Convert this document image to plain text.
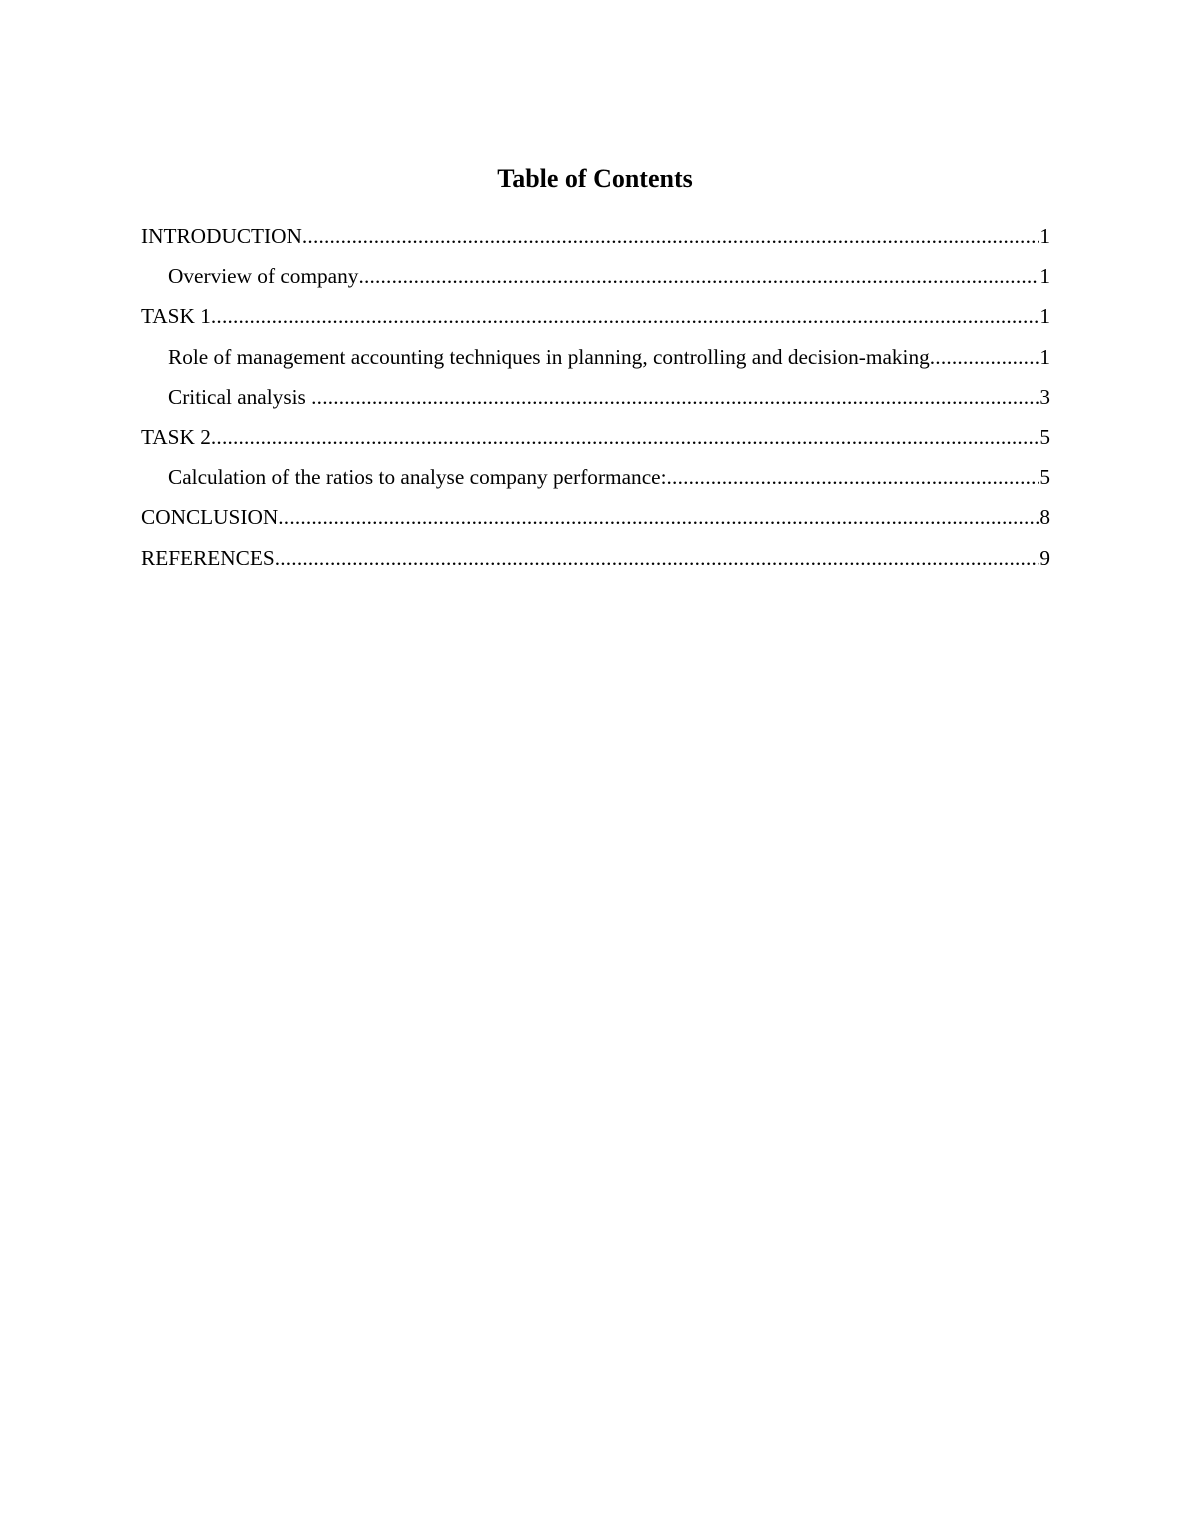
Table of Contents
INTRODUCTION .....	1
Overview of company .....	1
TASK 1 .....	1
Role of management accounting techniques in planning, controlling and decision-making .....	1
Critical analysis .....	3
TASK 2 .....	5
Calculation of the ratios to analyse company performance: .....	5
CONCLUSION .....	8
REFERENCES .....	9
